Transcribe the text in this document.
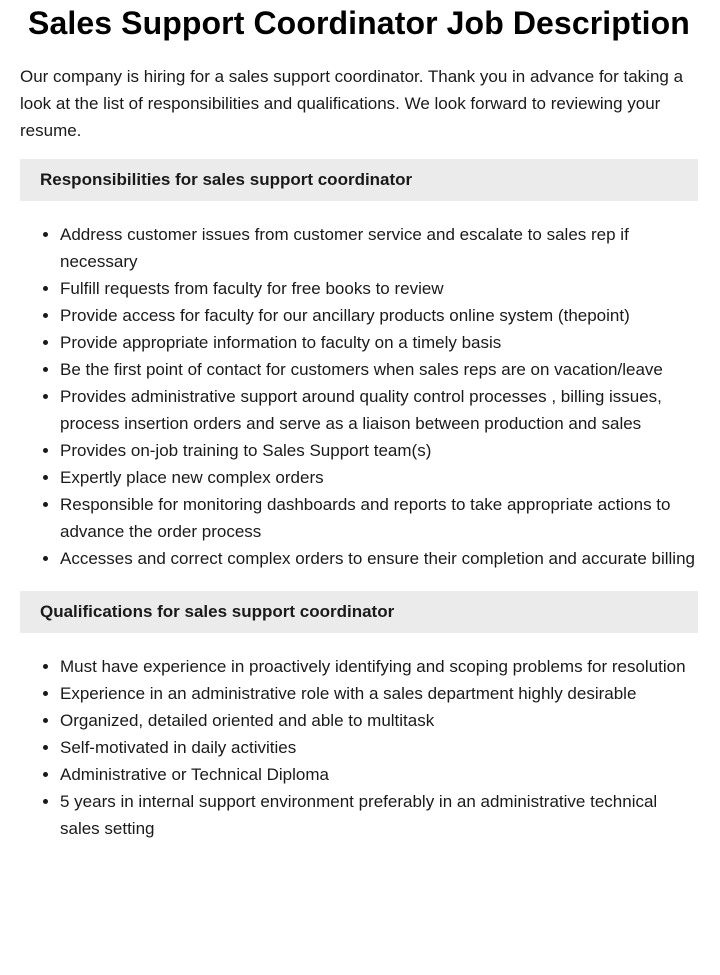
Sales Support Coordinator Job Description

Our company is hiring for a sales support coordinator. Thank you in advance for taking a look at the list of responsibilities and qualifications. We look forward to reviewing your resume.

Responsibilities for sales support coordinator
• Address customer issues from customer service and escalate to sales rep if necessary
• Fulfill requests from faculty for free books to review
• Provide access for faculty for our ancillary products online system (thepoint)
• Provide appropriate information to faculty on a timely basis
• Be the first point of contact for customers when sales reps are on vacation/leave
• Provides administrative support around quality control processes , billing issues, process insertion orders and serve as a liaison between production and sales
• Provides on-job training to Sales Support team(s)
• Expertly place new complex orders
• Responsible for monitoring dashboards and reports to take appropriate actions to advance the order process
• Accesses and correct complex orders to ensure their completion and accurate billing
Qualifications for sales support coordinator
• Must have experience in proactively identifying and scoping problems for resolution
• Experience in an administrative role with a sales department highly desirable
• Organized, detailed oriented and able to multitask
• Self-motivated in daily activities
• Administrative or Technical Diploma
• 5 years in internal support environment preferably in an administrative technical sales setting
